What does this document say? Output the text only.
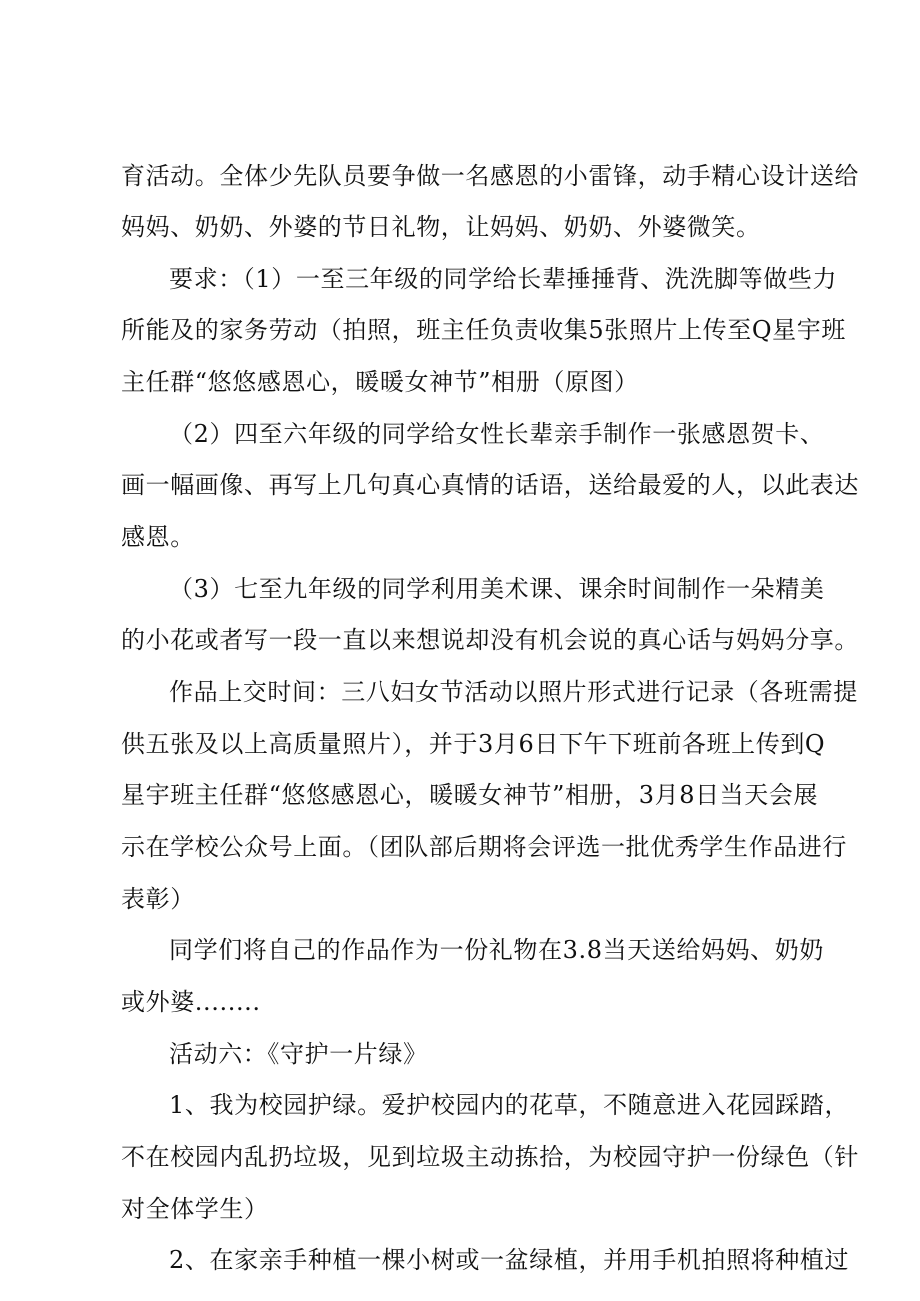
育活动。全体少先队员要争做一名感恩的小雷锋，动手精心设计送给
妈妈、奶奶、外婆的节日礼物，让妈妈、奶奶、外婆微笑。
要求：（1）一至三年级的同学给长辈捶捶背、洗洗脚等做些力
所能及的家务劳动（拍照，班主任负责收集5张照片上传至Q星宇班
主任群“悠悠感恩心，暖暖女神节”相册（原图）
（2）四至六年级的同学给女性长辈亲手制作一张感恩贺卡、
画一幅画像、再写上几句真心真情的话语，送给最爱的人，以此表达
感恩。
（3）七至九年级的同学利用美术课、课余时间制作一朵精美
的小花或者写一段一直以来想说却没有机会说的真心话与妈妈分享。
作品上交时间：三八妇女节活动以照片形式进行记录（各班需提
供五张及以上高质量照片），并于3月6日下午下班前各班上传到Q
星宇班主任群“悠悠感恩心，暖暖女神节”相册，3月8日当天会展
示在学校公众号上面。（团队部后期将会评选一批优秀学生作品进行
表彰）
同学们将自己的作品作为一份礼物在3.8当天送给妈妈、奶奶
或外婆........
活动六：《守护一片绿》
1、我为校园护绿。爱护校园内的花草，不随意进入花园踩踏，
不在校园内乱扔垃圾，见到垃圾主动拣拾，为校园守护一份绿色（针
对全体学生）
2、在家亲手种植一棵小树或一盆绿植，并用手机拍照将种植过
